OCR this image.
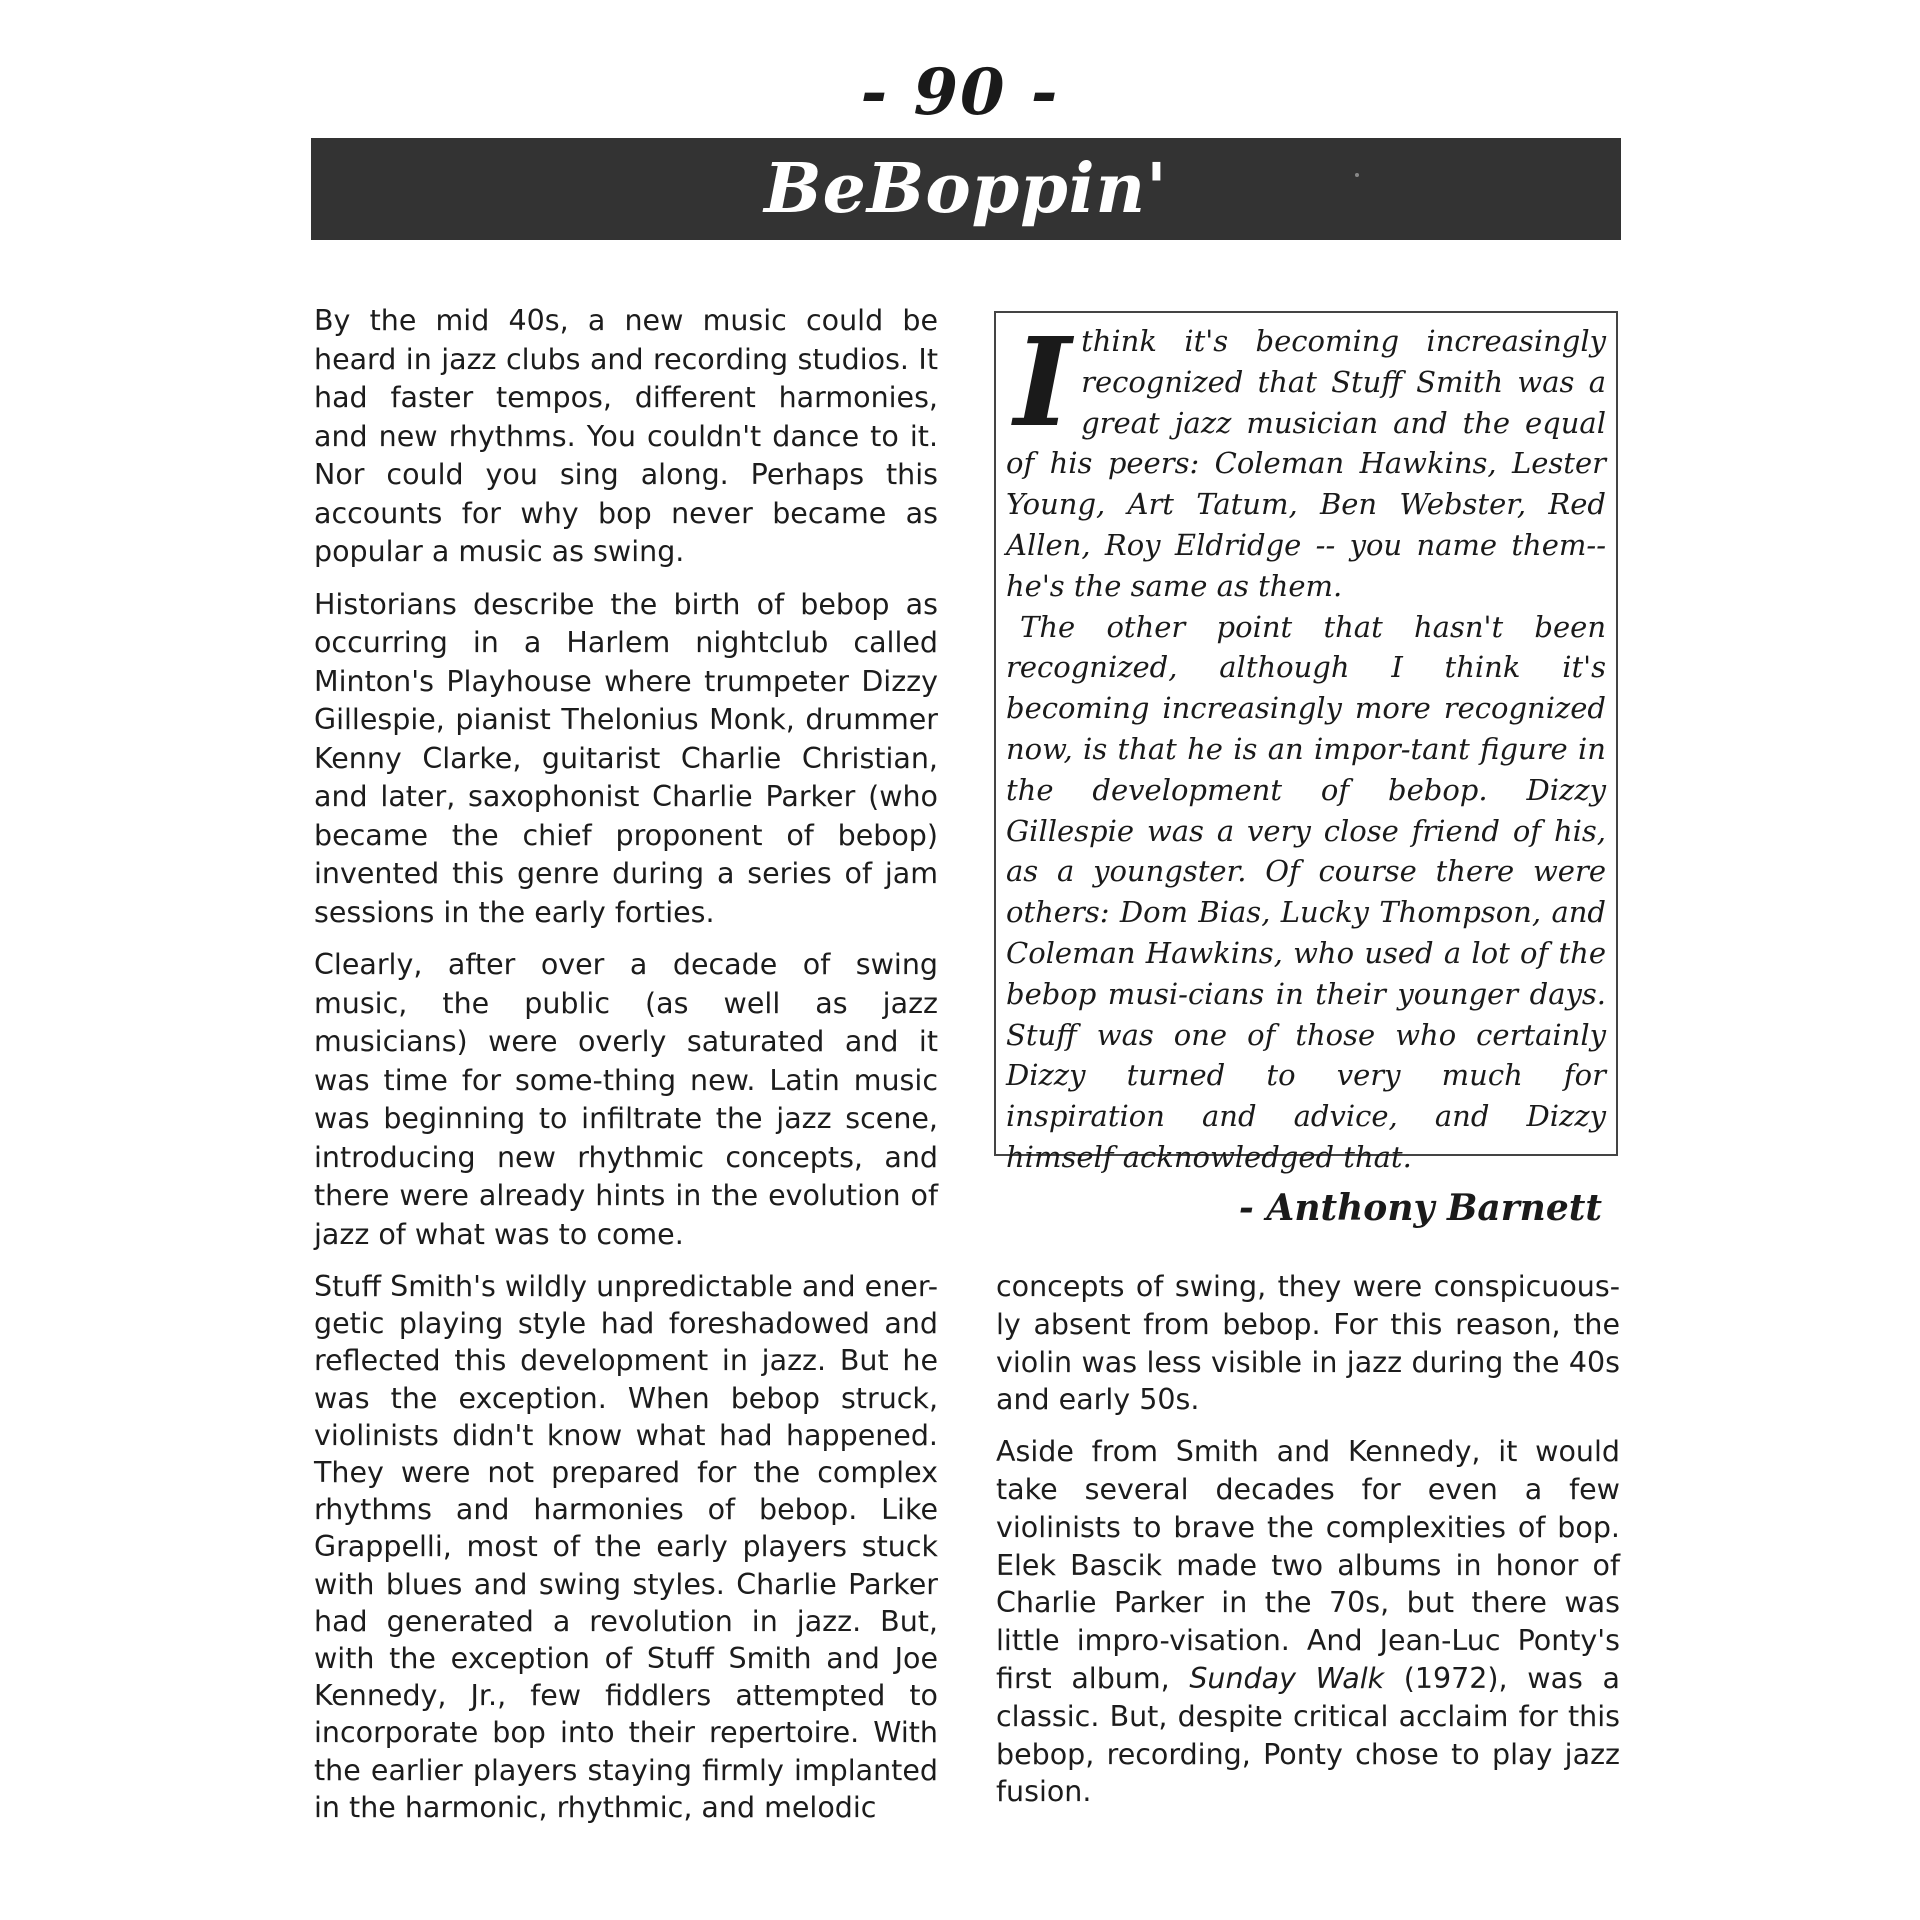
- 90 -
BeBoppin'

By the mid 40s, a new music could be heard in jazz clubs and recording studios. It had faster tempos, different harmonies, and new rhythms. You couldn't dance to it. Nor could you sing along. Perhaps this accounts for why bop never became as popular a music as swing.

Historians describe the birth of bebop as occurring in a Harlem nightclub called Minton's Playhouse where trumpeter Dizzy Gillespie, pianist Thelonius Monk, drummer Kenny Clarke, guitarist Charlie Christian, and later, saxophonist Charlie Parker (who became the chief proponent of bebop) invented this genre during a series of jam sessions in the early forties.

Clearly, after over a decade of swing music, the public (as well as jazz musicians) were overly saturated and it was time for some-thing new. Latin music was beginning to infiltrate the jazz scene, introducing new rhythmic concepts, and there were already hints in the evolution of jazz of what was to come.

I think it's becoming increasingly recognized that Stuff Smith was a great jazz musician and the equal of his peers: Coleman Hawkins, Lester Young, Art Tatum, Ben Webster, Red Allen, Roy Eldridge -- you name them--he's the same as them.

The other point that hasn't been recognized, although I think it's becoming increasingly more recognized now, is that he is an impor-tant figure in the development of bebop. Dizzy Gillespie was a very close friend of his, as a youngster. Of course there were others: Dom Bias, Lucky Thompson, and Coleman Hawkins, who used a lot of the bebop musi-cians in their younger days. Stuff was one of those who certainly Dizzy turned to very much for inspiration and advice, and Dizzy himself acknowledged that.

- Anthony Barnett

Stuff Smith's wildly unpredictable and ener-getic playing style had foreshadowed and reflected this development in jazz. But he was the exception. When bebop struck, violinists didn't know what had happened. They were not prepared for the complex rhythms and harmonies of bebop. Like Grappelli, most of the early players stuck with blues and swing styles. Charlie Parker had generated a revolution in jazz. But, with the exception of Stuff Smith and Joe Kennedy, Jr., few fiddlers attempted to incorporate bop into their repertoire. With the earlier players staying firmly implanted in the harmonic, rhythmic, and melodic

concepts of swing, they were conspicuous-ly absent from bebop. For this reason, the violin was less visible in jazz during the 40s and early 50s.

Aside from Smith and Kennedy, it would take several decades for even a few violinists to brave the complexities of bop. Elek Bascik made two albums in honor of Charlie Parker in the 70s, but there was little impro-visation. And Jean-Luc Ponty's first album, Sunday Walk (1972), was a classic. But, despite critical acclaim for this bebop, recording, Ponty chose to play jazz fusion.
